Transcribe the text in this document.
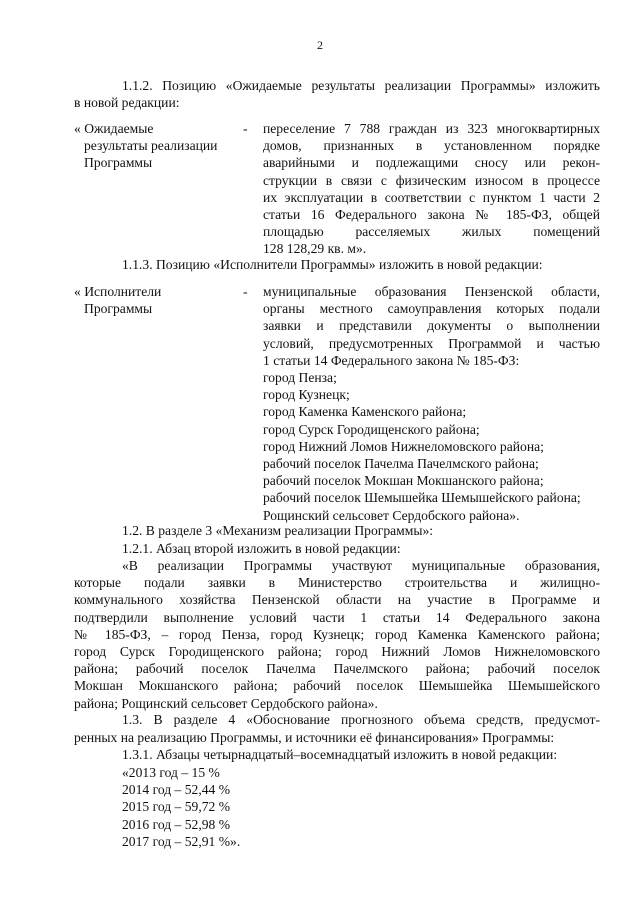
2
1.1.2. Позицию «Ожидаемые результаты реализации Программы» изложить
в новой редакции:
« Ожидаемые
результаты реализации
Программы
- переселение 7 788 граждан из 323 многоквартирных
домов, признанных в установленном порядке
аварийными и подлежащими сносу или рекон-
струкции в связи с физическим износом в процессе
их эксплуатации в соответствии с пунктом 1 части 2
статьи 16 Федерального закона № 185-ФЗ, общей
площадью расселяемых жилых помещений
128 128,29 кв. м».
1.1.3. Позицию «Исполнители Программы» изложить в новой редакции:
« Исполнители
Программы
- муниципальные образования Пензенской области,
органы местного самоуправления которых подали
заявки и представили документы о выполнении
условий, предусмотренных Программой и частью
1 статьи 14 Федерального закона № 185-ФЗ:
город Пенза;
город Кузнецк;
город Каменка Каменского района;
город Сурск Городищенского района;
город Нижний Ломов Нижнеломовского района;
рабочий поселок Пачелма Пачелмского района;
рабочий поселок Мокшан Мокшанского района;
рабочий поселок Шемышейка Шемышейского района;
Рощинский сельсовет Сердобского района».
1.2. В разделе 3 «Механизм реализации Программы»:
1.2.1. Абзац второй изложить в новой редакции:
«В реализации Программы участвуют муниципальные образования,
которые подали заявки в Министерство строительства и жилищно-
коммунального хозяйства Пензенской области на участие в Программе и
подтвердили выполнение условий части 1 статьи 14 Федерального закона
№ 185-ФЗ, – город Пенза, город Кузнецк; город Каменка Каменского района;
город Сурск Городищенского района; город Нижний Ломов Нижнеломовского
района; рабочий поселок Пачелма Пачелмского района; рабочий поселок
Мокшан Мокшанского района; рабочий поселок Шемышейка Шемышейского
района; Рощинский сельсовет Сердобского района».
1.3. В разделе 4 «Обоснование прогнозного объема средств, предусмот-
ренных на реализацию Программы, и источники её финансирования» Программы:
1.3.1. Абзацы четырнадцатый–восемнадцатый изложить в новой редакции:
«2013 год – 15 %
2014 год – 52,44 %
2015 год – 59,72 %
2016 год – 52,98 %
2017 год – 52,91 %».
